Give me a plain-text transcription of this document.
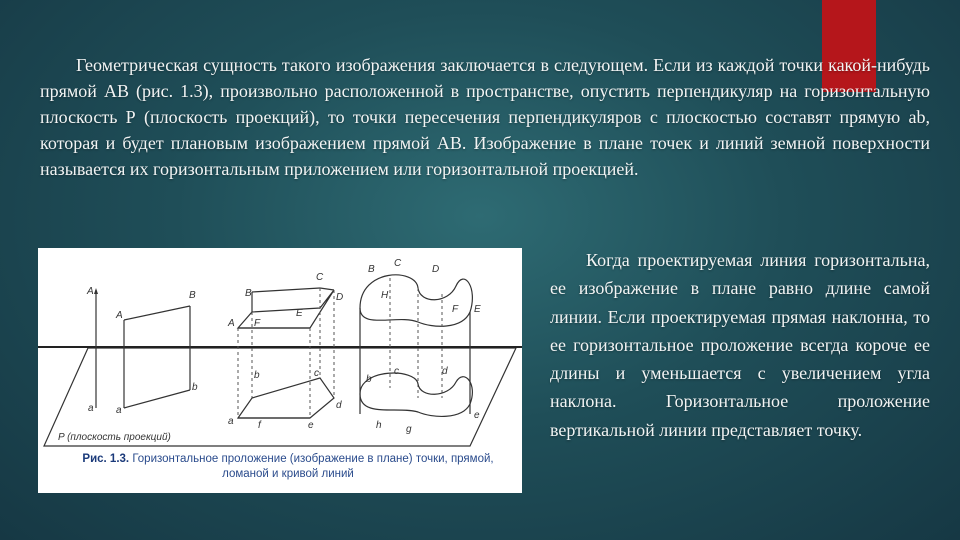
Геометрическая сущность такого изображения заключается в следующем. Если из каждой точки какой-нибудь прямой АВ (рис. 1.3), произвольно расположенной в пространстве, опустить перпендикуляр на горизонтальную плоскость Р (плоскость проекций), то точки пересечения перпендикуляров с плоскостью составят прямую аb, которая и будет плановым изображением прямой АВ. Изображение в плане точек и линий земной поверхности называется их горизонтальным приложением или горизонтальной проекцией.

A
a
A
B
a
b
A
B
C
D
E
F
a
b	c
d
e
f
B
C
D
E
F
H
b
c	d
e
g
h
P (плоскость проекций)
Рис. 1.3. Горизонтальное проложение (изображение в плане) точки, прямой, ломаной и кривой линий

Когда проектируемая линия горизонтальна, ее изображение в плане равно длине самой линии. Если проектируемая прямая наклонна, то ее горизонтальное проложение всегда короче ее длины и уменьшается с увеличением угла наклона. Горизонтальное проложение вертикальной линии представляет точку.
